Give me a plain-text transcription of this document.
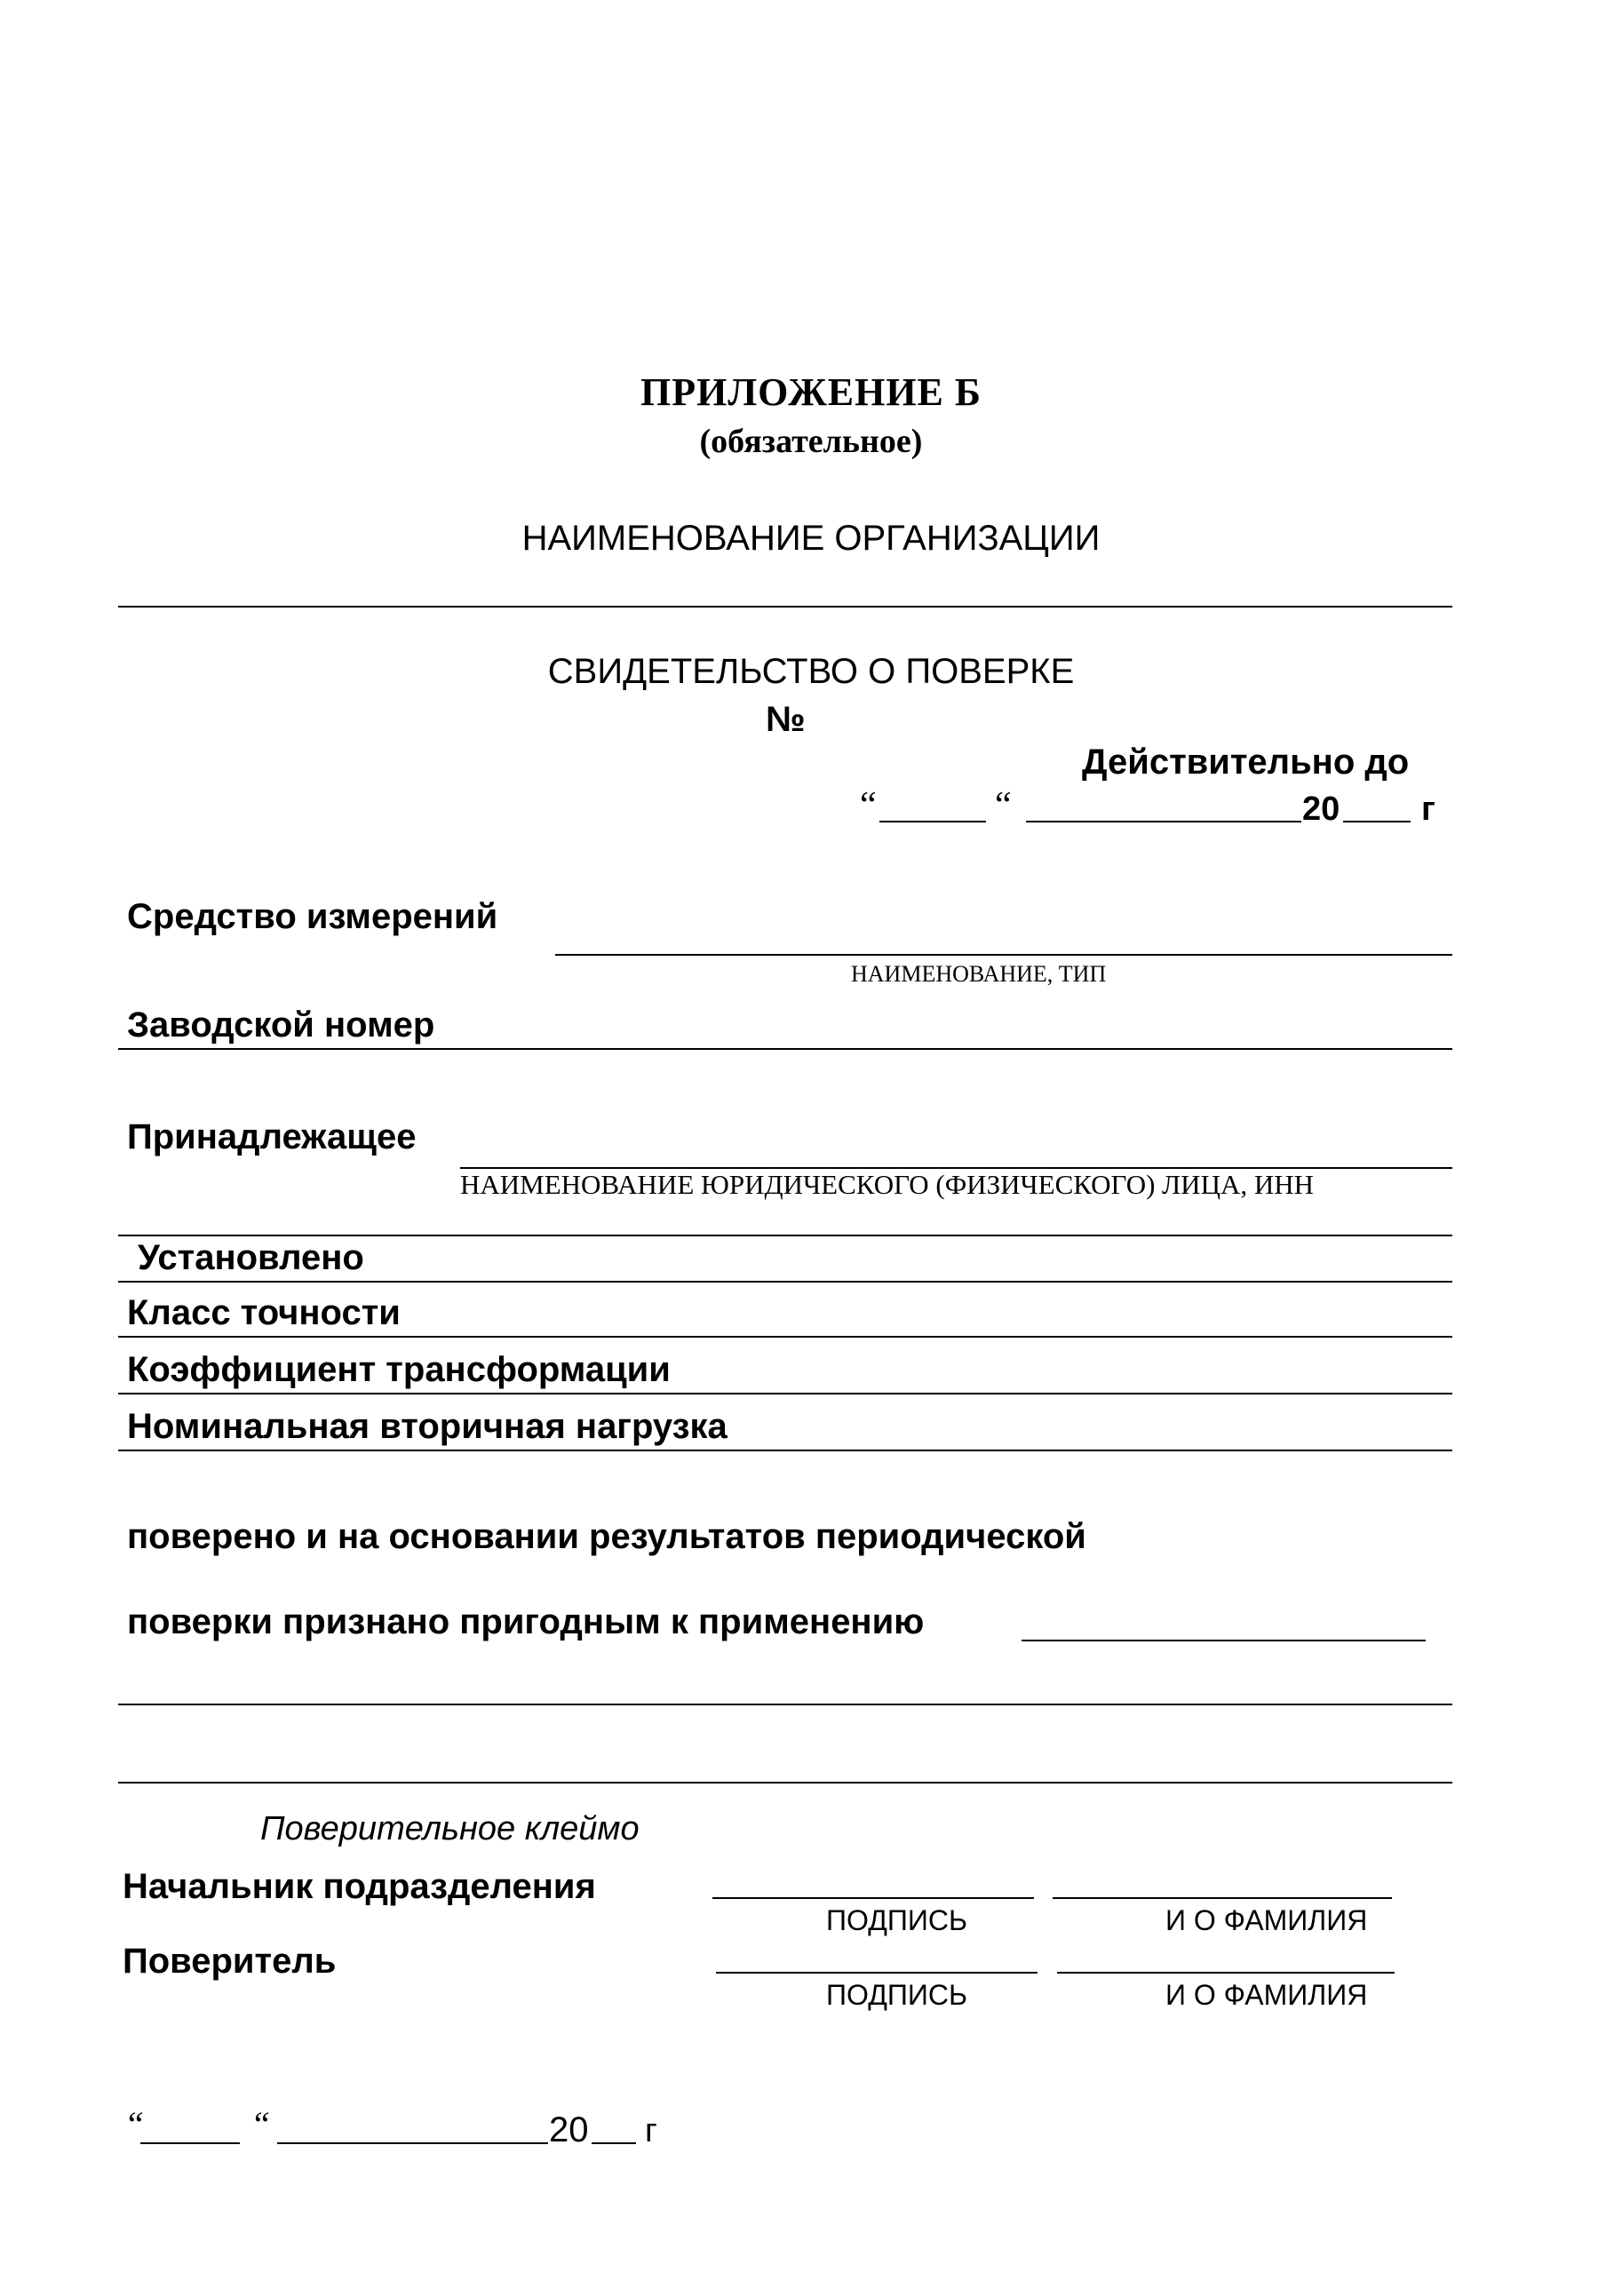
ПРИЛОЖЕНИЕ Б
(обязательное)
НАИМЕНОВАНИЕ ОРГАНИЗАЦИИ
СВИДЕТЕЛЬСТВО О ПОВЕРКЕ
№
Действительно до
“	“	20 г
Средство измерений
НАИМЕНОВАНИЕ, ТИП
Заводской номер
Принадлежащее
НАИМЕНОВАНИЕ ЮРИДИЧЕСКОГО (ФИЗИЧЕСКОГО) ЛИЦА, ИНН
Установлено
Класс точности
Коэффициент трансформации
Номинальная вторичная нагрузка
поверено и на основании результатов периодической
поверки признано пригодным к применению
Поверительное клеймо
Начальник подразделения
ПОДПИСЬ	И О ФАМИЛИЯ
Поверитель
ПОДПИСЬ	И О ФАМИЛИЯ
“	“	20 г
